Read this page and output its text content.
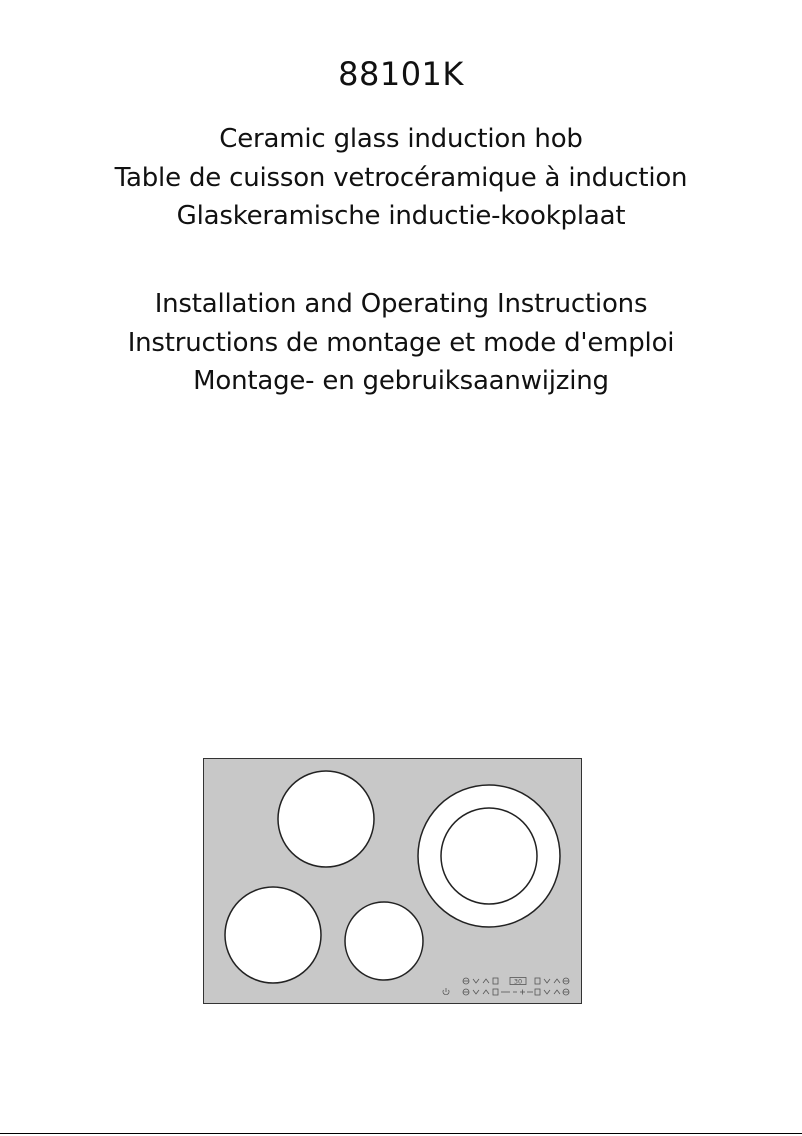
88101K
Ceramic glass induction hob
Table de cuisson vetrocéramique à induction
Glaskeramische inductie-kookplaat
Installation and Operating Instructions
Instructions de montage et mode d'emploi
Montage- en gebruiksaanwijzing
30
